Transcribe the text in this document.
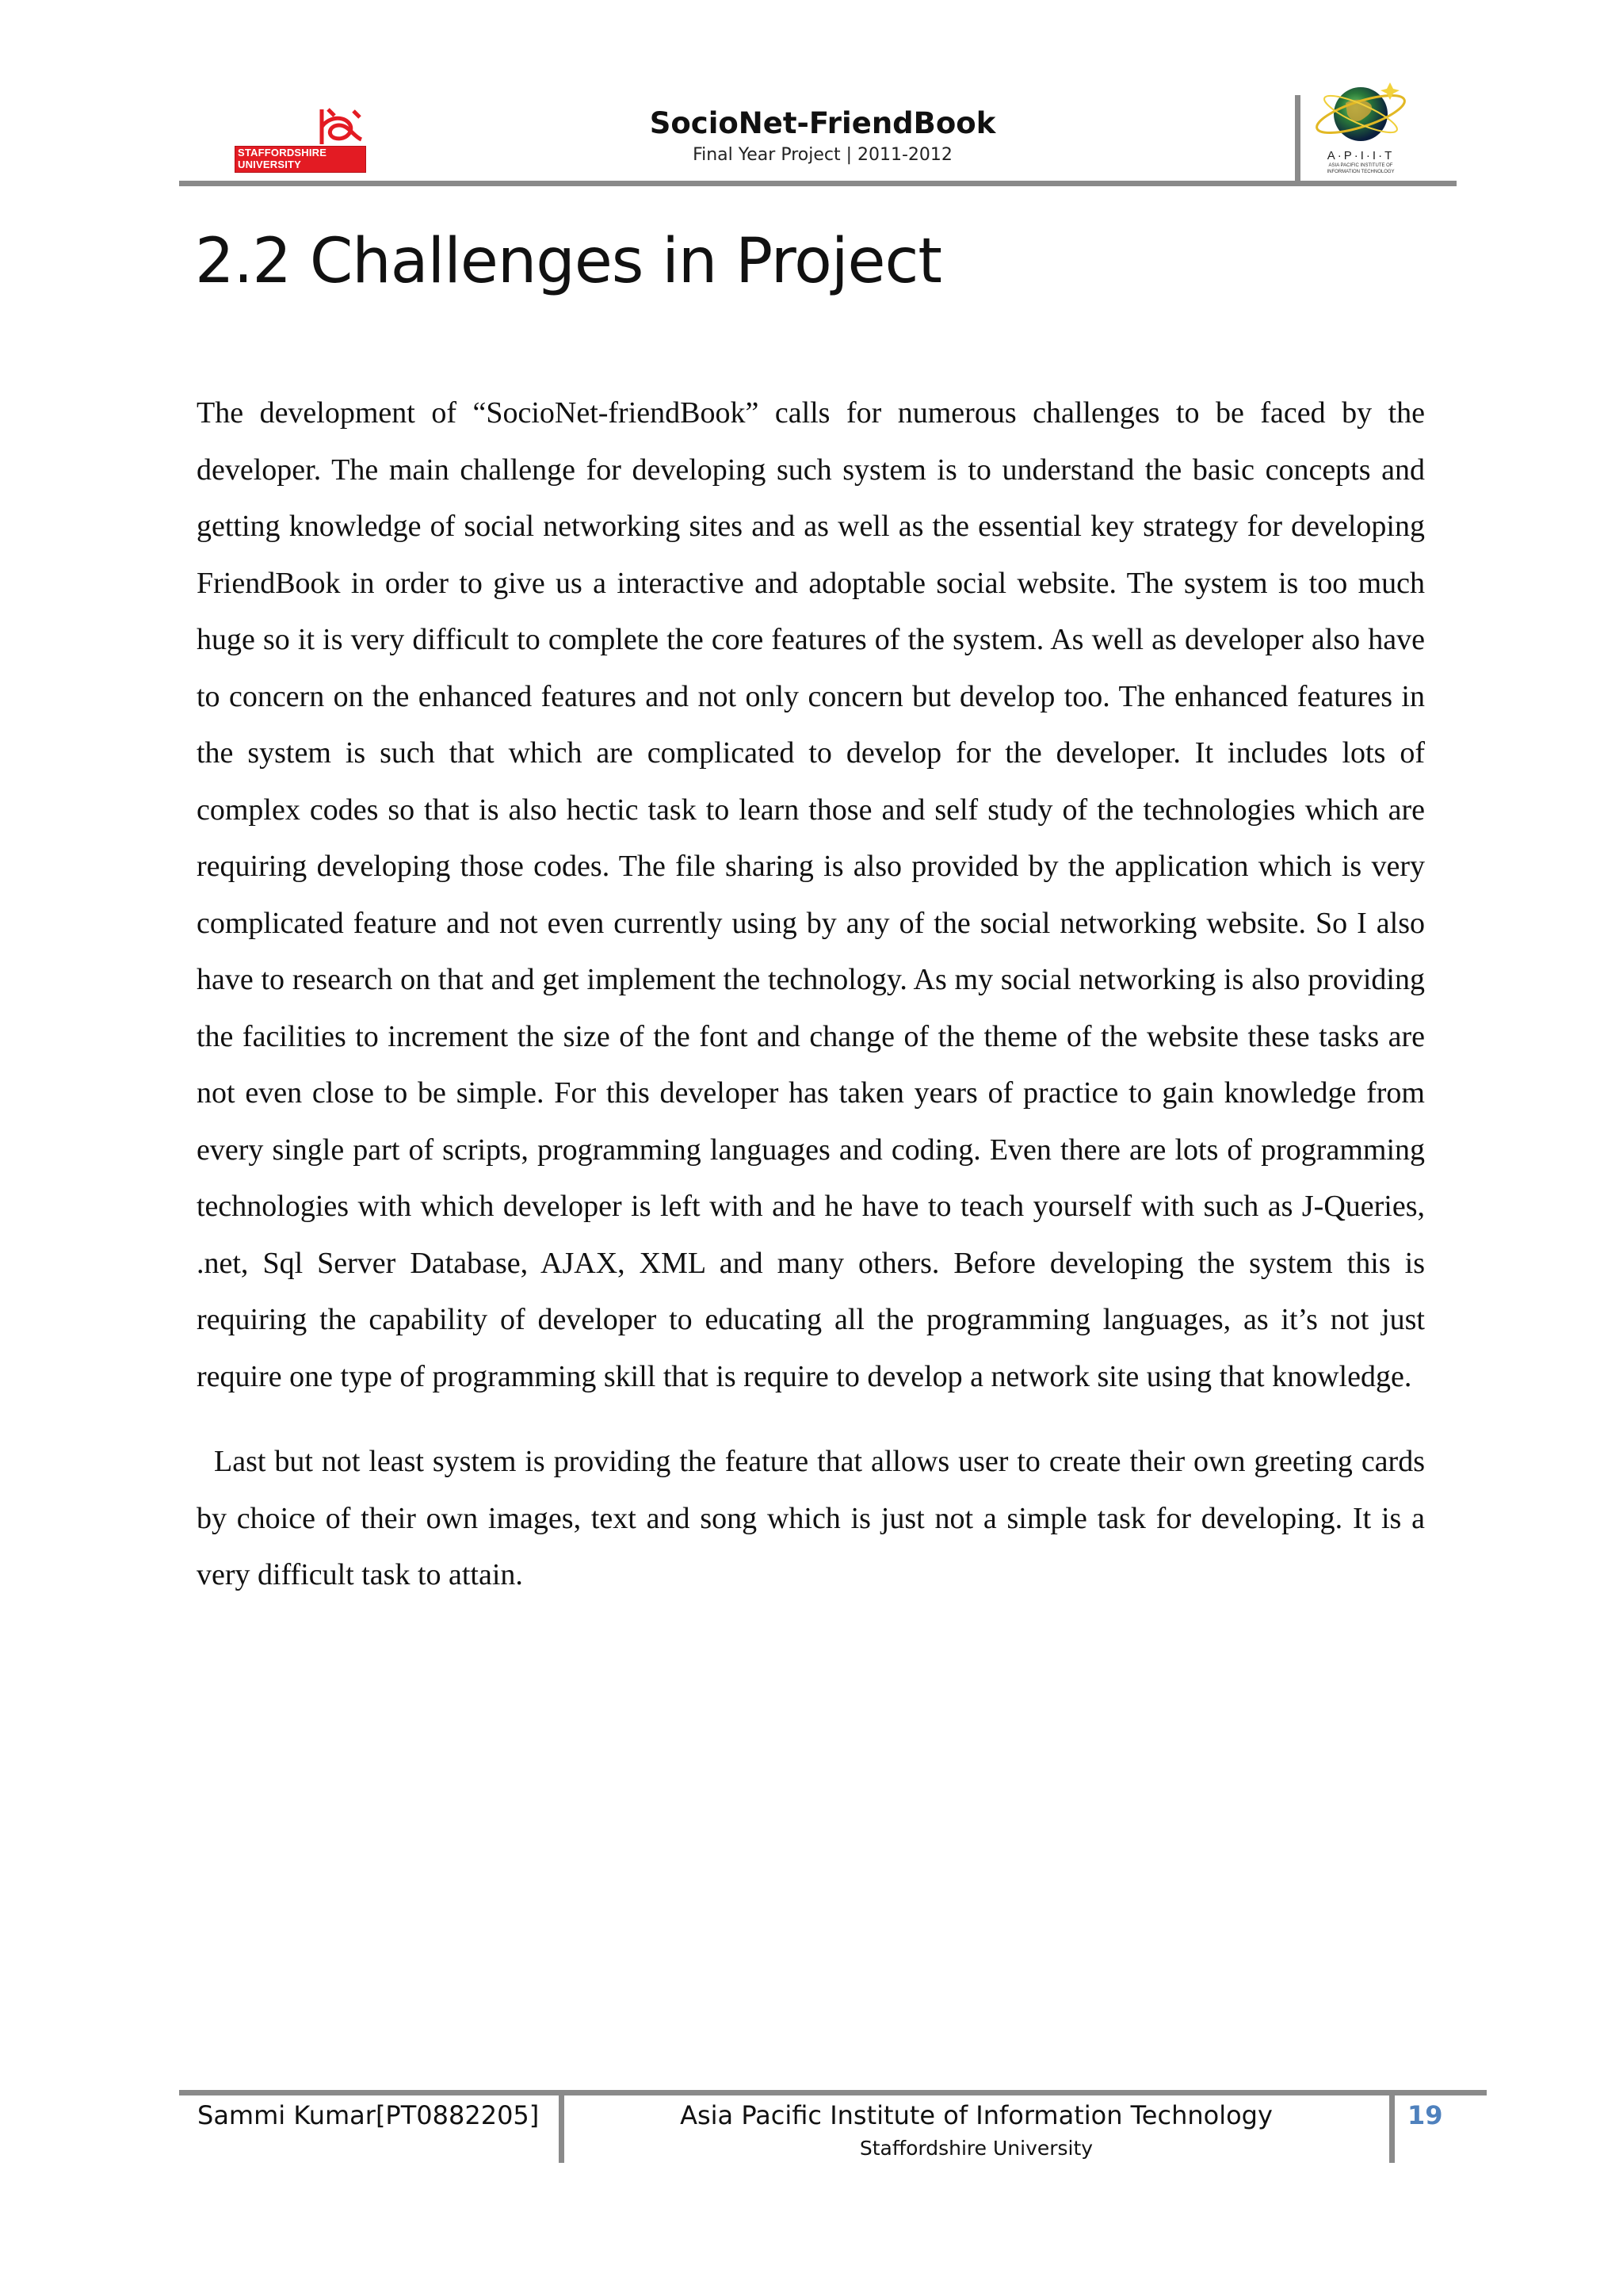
STAFFORDSHIRE
UNIVERSITY
SocioNet-FriendBook
Final Year Project | 2011-2012	A·P·I·I·T
ASIA PACIFIC INSTITUTE OF
INFORMATION TECHNOLOGY
2.2 Challenges in Project

The development of “SocioNet-friendBook” calls for numerous challenges to be faced by the developer. The main challenge for developing such system is to understand the basic concepts and getting knowledge of social networking sites and as well as the essential key strategy for developing FriendBook in order to give us a interactive and adoptable social website. The system is too much huge so it is very difficult to complete the core features of the system. As well as developer also have to concern on the enhanced features and not only concern but develop too. The enhanced features in the system is such that which are complicated to develop for the developer. It includes lots of complex codes so that is also hectic task to learn those and self study of the technologies which are requiring developing those codes. The file sharing is also provided by the application which is very complicated feature and not even currently using by any of the social networking website. So I also have to research on that and get implement the technology. As my social networking is also providing the facilities to increment the size of the font and change of the theme of the website these tasks are not even close to be simple. For this developer has taken years of practice to gain knowledge from every single part of scripts, programming languages and coding. Even there are lots of programming technologies with which developer is left with and he have to teach yourself with such as J-Queries, .net, Sql Server Database, AJAX, XML and many others. Before developing the system this is requiring the capability of developer to educating all the programming languages, as it’s not just require one type of programming skill that is require to develop a network site using that knowledge.

Last but not least system is providing the feature that allows user to create their own greeting cards by choice of their own images, text and song which is just not a simple task for developing. It is a very difficult task to attain.

Sammi Kumar[PT0882205]	Asia Pacific Institute of Information Technology
Staffordshire University
19
